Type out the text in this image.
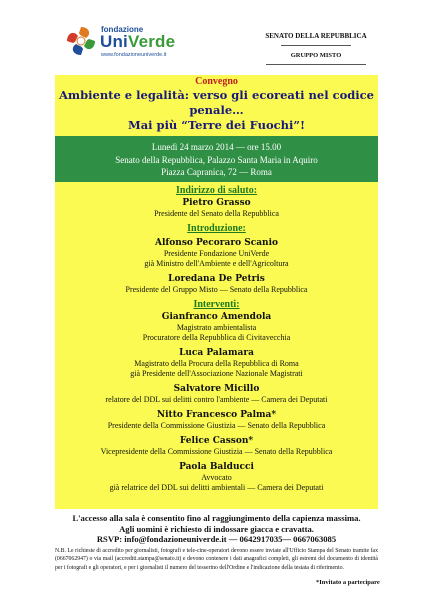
fondazione
UniVerde
www.fondazioneuniverde.it
SENATO DELLA REPUBBLICA
GRUPPO MISTO
Convegno
Ambiente e legalità: verso gli ecoreati nel codice penale…
Mai più “Terre dei Fuochi”!
Lunedì 24 marzo 2014 — ore 15.00
Senato della Repubblica, Palazzo Santa Maria in Aquiro
Piazza Capranica, 72 — Roma
Indirizzo di saluto:
Pietro Grasso
Presidente del Senato della Repubblica
Introduzione:
Alfonso Pecoraro Scanio
Presidente Fondazione UniVerde
già Ministro dell'Ambiente e dell'Agricoltura
Loredana De Petris
Presidente del Gruppo Misto — Senato della Repubblica
Interventi:
Gianfranco Amendola
Magistrato ambientalista
Procuratore della Repubblica di Civitavecchia
Luca Palamara
Magistrato della Procura della Repubblica di Roma
già Presidente dell'Associazione Nazionale Magistrati
Salvatore Micillo
relatore del DDL sui delitti contro l'ambiente — Camera dei Deputati
Nitto Francesco Palma*
Presidente della Commissione Giustizia — Senato della Repubblica
Felice Casson*
Vicepresidente della Commissione Giustizia — Senato della Repubblica
Paola Balducci
Avvocato
già relatrice del DDL sui delitti ambientali — Camera dei Deputati
L'accesso alla sala è consentito fino al raggiungimento della capienza massima.
Agli uomini è richiesto di indossare giacca e cravatta.
RSVP: info@fondazioneuniverde.it — 0642917035— 0667063085
N.B. Le richieste di accredito per giornalisti, fotografi e tele-cine-operatori devono essere inviate all'Ufficio Stampa del Senato tramite fax (0667062947) o via mail (accrediti.stampa@senato.it) e devono contenere i dati anagrafici completi, gli estremi del documento di identità per i fotografi e gli operatori, e per i giornalisti il numero del tesserino dell'Ordine e l'indicazione della testata di riferimento.
*Invitato a partecipare
